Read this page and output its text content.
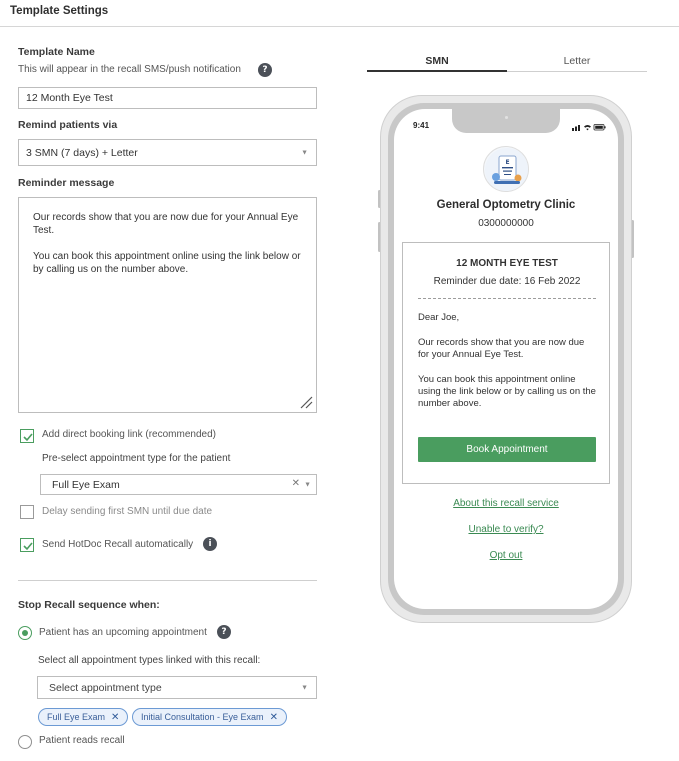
Template Settings
Template Name
This will appear in the recall SMS/push notification	?
12 Month Eye Test
Remind patients via
3 SMN (7 days) + Letter	▼
Reminder message

Our records show that you are now due for your Annual Eye Test.

You can book this appointment online using the link below or by calling us on the number above.

Add direct booking link (recommended)
Pre-select appointment type for the patient
Full Eye Exam	✕ ▼
Delay sending first SMN until due date
Send HotDoc Recall automatically	i
Stop Recall sequence when:
Patient has an upcoming appointment	?
Select all appointment types linked with this recall:
Select appointment type	▼
Full Eye Exam ✕ Initial Consultation - Eye Exam ✕
Patient reads recall
SMN	Letter
9:41
E
General Optometry Clinic
0300000000
12 MONTH EYE TEST
Reminder due date: 16 Feb 2022

Dear Joe,

Our records show that you are now due for your Annual Eye Test.

You can book this appointment online using the link below or by calling us on the number above.

Book Appointment
About this recall service
Unable to verify?
Opt out
